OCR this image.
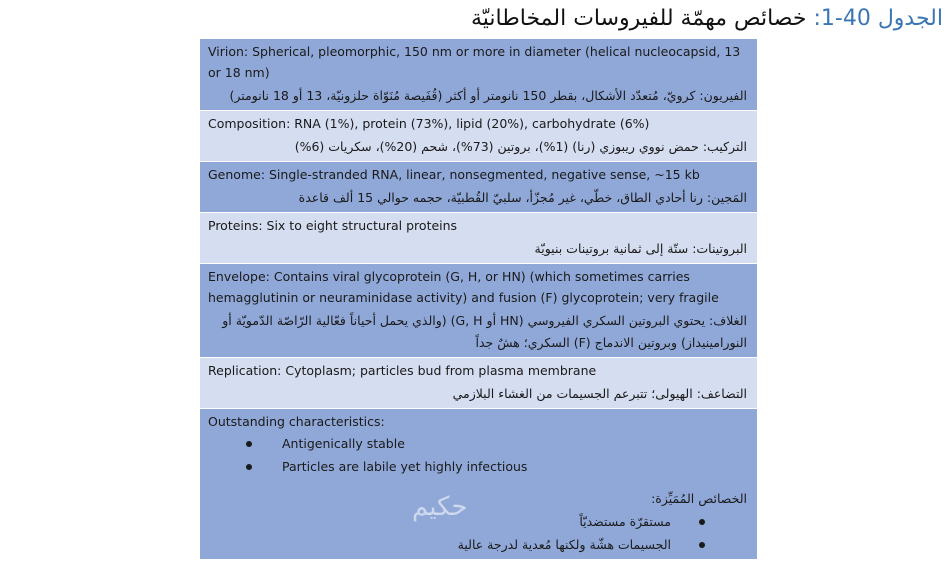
الجدول 40-1: خصائص مهمّة للفيروسات المخاطانيّة
Virion: Spherical, pleomorphic, 150 nm or more in diameter (helical nucleocapsid, 13 or 18 nm)
الفيريون: كرويّ، مُتعدّد الأشكال، بقطر 150 نانومتر أو أكثر (قُفَيصة مُنَوّاة حلزونيّة، 13 أو 18 نانومتر)
Composition: RNA (1%), protein (73%), lipid (20%), carbohydrate (6%)
التركيب: حمض نووي ريبوزي (رنا) (1%)، بروتين (73%)، شحم (20%)، سكريات (6%)
Genome: Single-stranded RNA, linear, nonsegmented, negative sense, ~15 kb
المَجين: رنا أحادي الطاق، خطّي، غير مُجزّأ، سلبيّ القُطبيّة، حجمه حوالي 15 ألف قاعدة
Proteins: Six to eight structural proteins
البروتينات: ستّة إلى ثمانية بروتينات بنيويّة
Envelope: Contains viral glycoprotein (G, H, or HN) (which sometimes carries hemagglutinin or neuraminidase activity) and fusion (F) glycoprotein; very fragile
الغلاف: يحتوي البروتين السكري الفيروسي (HN أو G, H) (والذي يحمل أحياناً فعّالية الرّاصّة الدّمويّة أو النورامينيداز) وبروتين الاندماج (F) السكري؛ هشٌ جداً
Replication: Cytoplasm; particles bud from plasma membrane
التضاعف: الهيولى؛ تتبرعم الجسيمات من الغشاء البلازمي
Outstanding characteristics:
Antigenically stable
Particles are labile yet highly infectious
الخصائص المُمَيِّزة:
مستقرّة مستضديّاً
الجسيمات هشّة ولكنها مُعدية لدرجة عالية
حكيم
